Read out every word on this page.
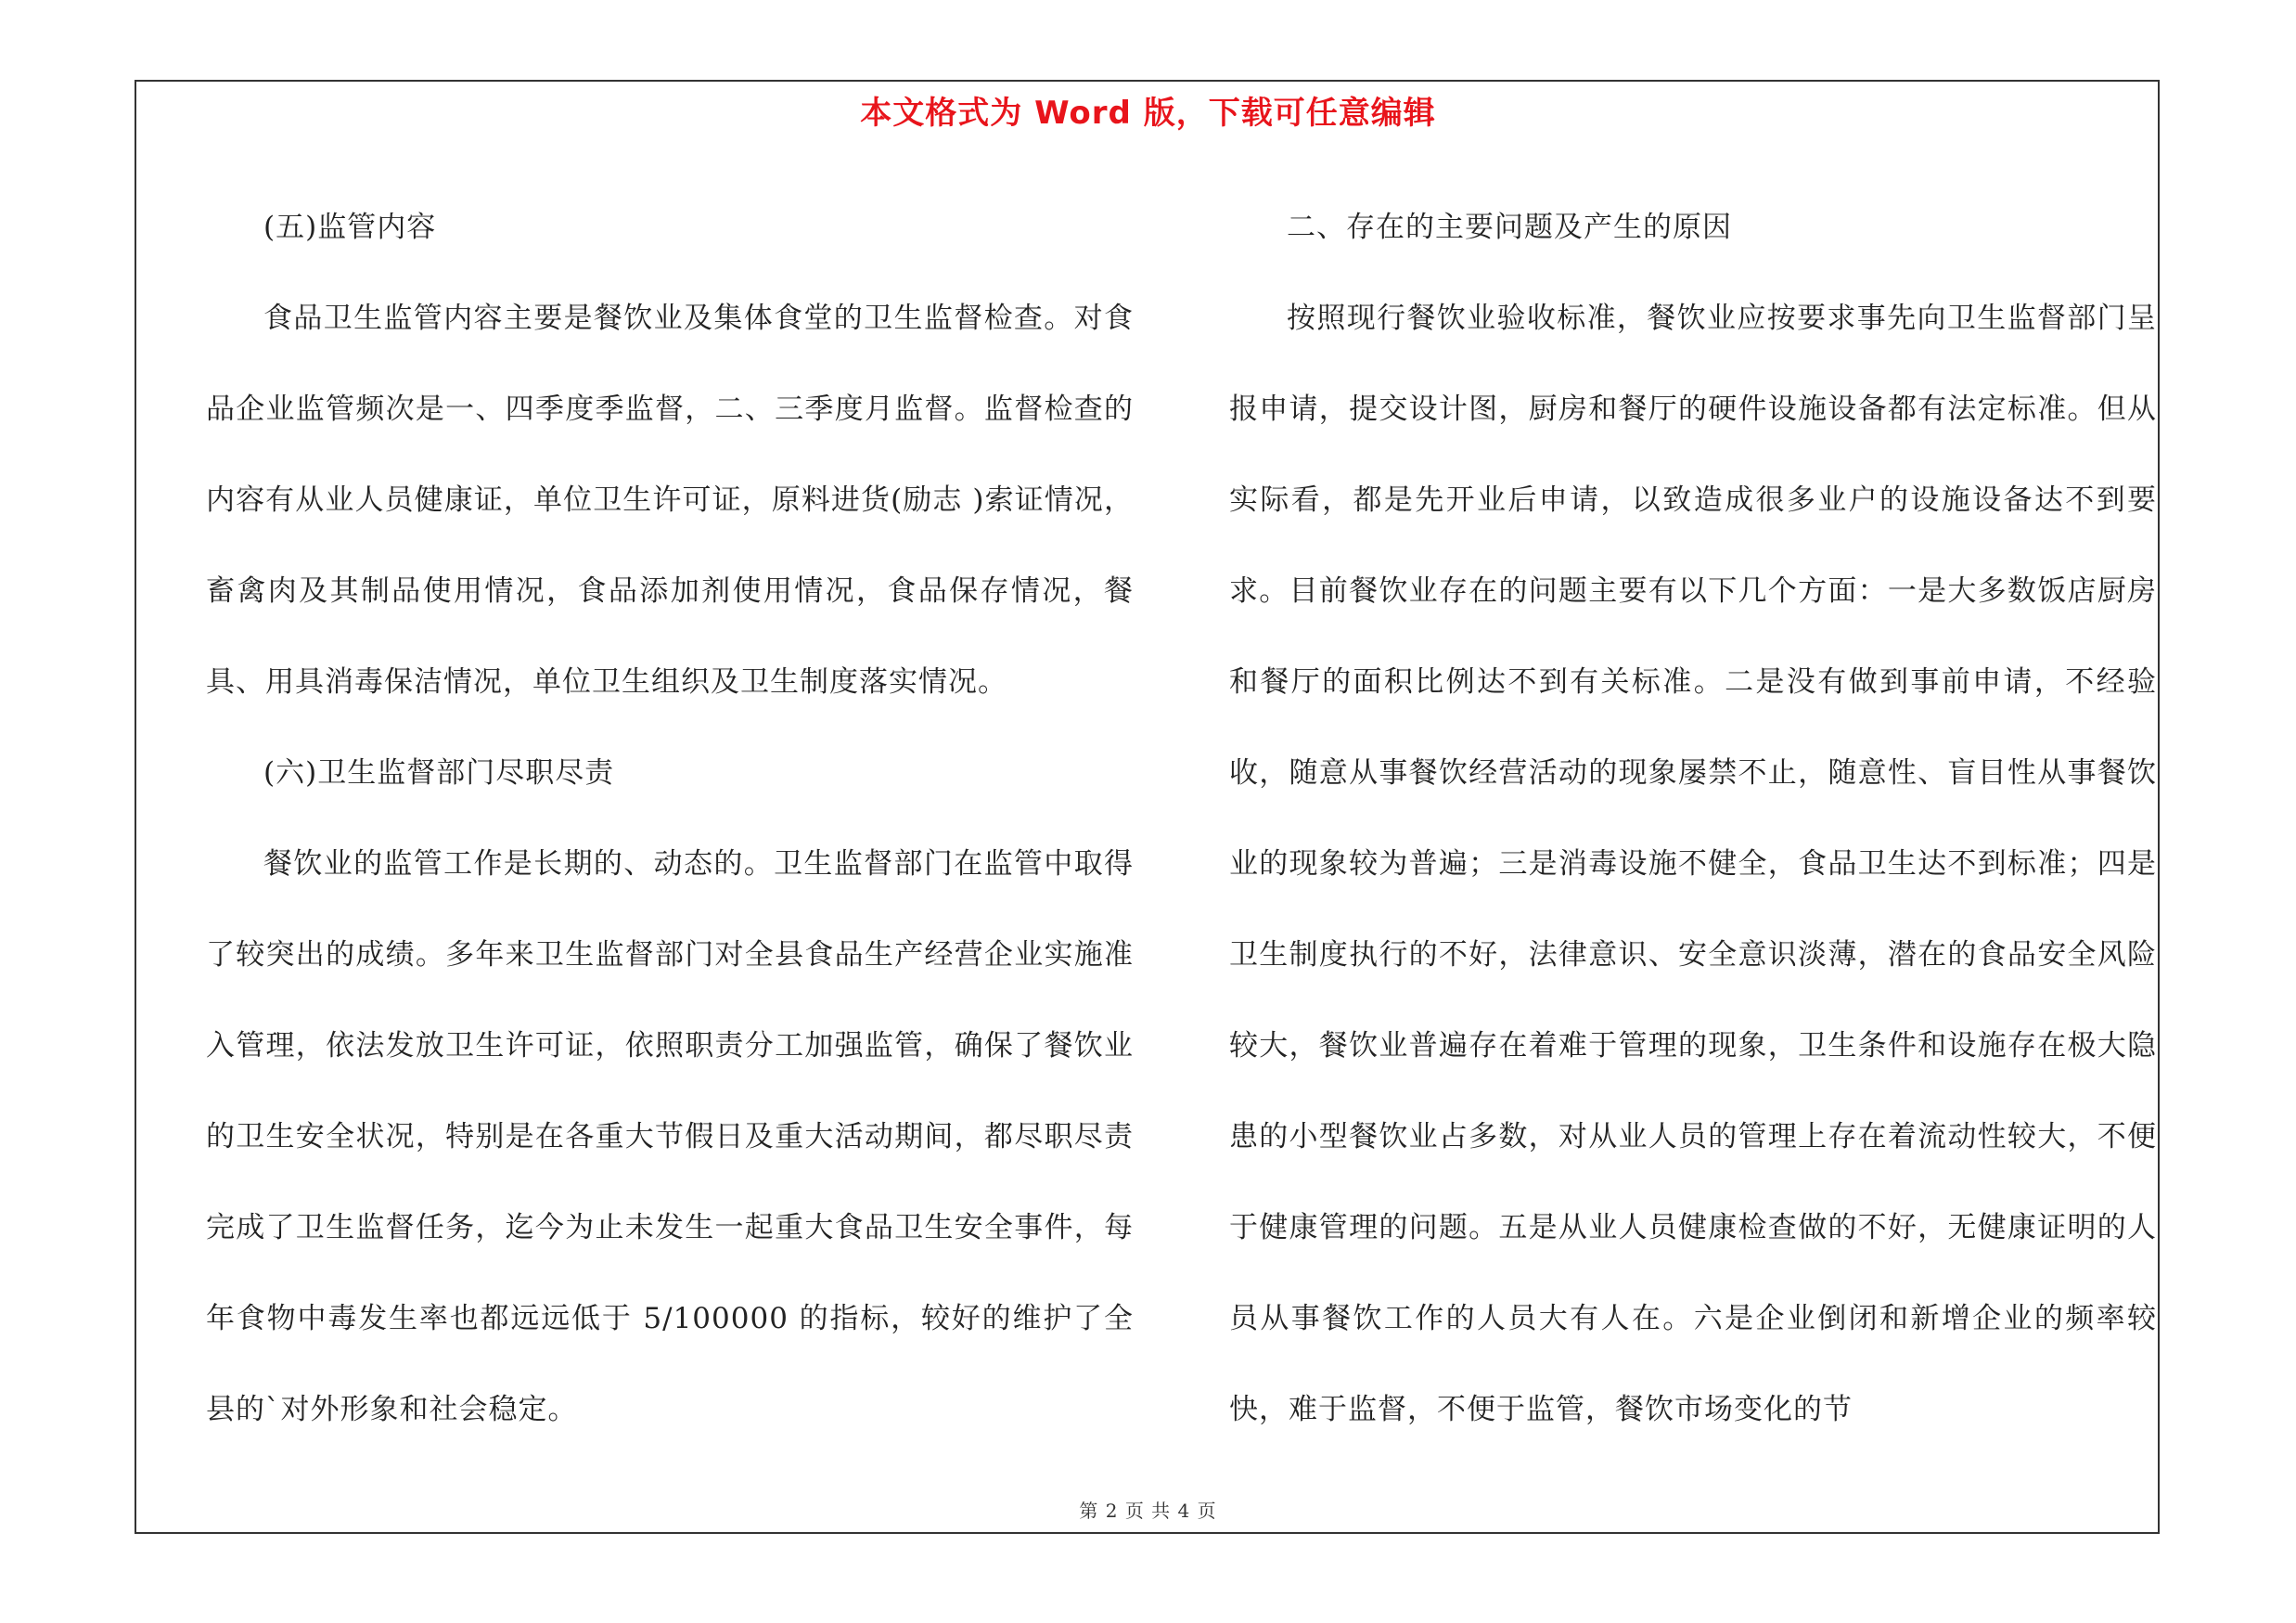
本文格式为 Word 版，下载可任意编辑

(五)监管内容

食品卫生监管内容主要是餐饮业及集体食堂的卫生监督检查。对食品企业监管频次是一、四季度季监督，二、三季度月监督。监督检查的内容有从业人员健康证，单位卫生许可证，原料进货(励志 )索证情况，畜禽肉及其制品使用情况，食品添加剂使用情况，食品保存情况，餐具、用具消毒保洁情况，单位卫生组织及卫生制度落实情况。

(六)卫生监督部门尽职尽责

餐饮业的监管工作是长期的、动态的。卫生监督部门在监管中取得了较突出的成绩。多年来卫生监督部门对全县食品生产经营企业实施准入管理，依法发放卫生许可证，依照职责分工加强监管，确保了餐饮业的卫生安全状况，特别是在各重大节假日及重大活动期间，都尽职尽责完成了卫生监督任务，迄今为止未发生一起重大食品卫生安全事件，每年食物中毒发生率也都远远低于 5/100000 的指标，较好的维护了全县的`对外形象和社会稳定。

二、存在的主要问题及产生的原因

按照现行餐饮业验收标准，餐饮业应按要求事先向卫生监督部门呈报申请，提交设计图，厨房和餐厅的硬件设施设备都有法定标准。但从实际看，都是先开业后申请，以致造成很多业户的设施设备达不到要求。目前餐饮业存在的问题主要有以下几个方面：一是大多数饭店厨房和餐厅的面积比例达不到有关标准。二是没有做到事前申请，不经验收，随意从事餐饮经营活动的现象屡禁不止，随意性、盲目性从事餐饮业的现象较为普遍；三是消毒设施不健全，食品卫生达不到标准；四是卫生制度执行的不好，法律意识、安全意识淡薄，潜在的食品安全风险较大，餐饮业普遍存在着难于管理的现象，卫生条件和设施存在极大隐患的小型餐饮业占多数，对从业人员的管理上存在着流动性较大，不便于健康管理的问题。五是从业人员健康检查做的不好，无健康证明的人员从事餐饮工作的人员大有人在。六是企业倒闭和新增企业的频率较快，难于监督，不便于监管，餐饮市场变化的节

第 2 页 共 4 页
